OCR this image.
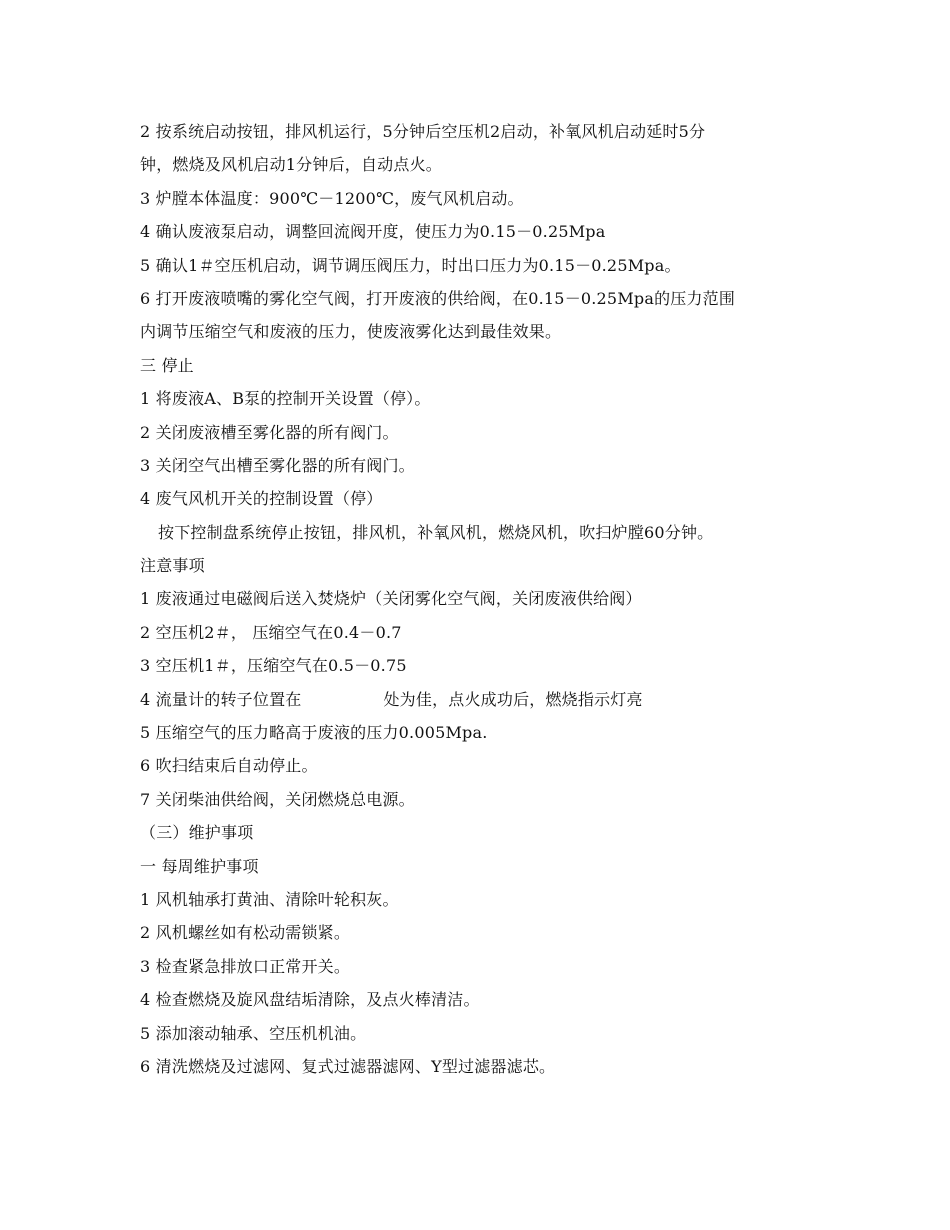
2 按系统启动按钮，排风机运行，5分钟后空压机2启动，补氧风机启动延时5分
钟，燃烧及风机启动1分钟后，自动点火。
3 炉膛本体温度：900℃－1200℃，废气风机启动。
4 确认废液泵启动，调整回流阀开度，使压力为0.15－0.25Mpa
5 确认1＃空压机启动，调节调压阀压力，时出口压力为0.15－0.25Mpa。
6 打开废液喷嘴的雾化空气阀，打开废液的供给阀，在0.15－0.25Mpa的压力范围
内调节压缩空气和废液的压力，使废液雾化达到最佳效果。
三 停止
1 将废液A、B泵的控制开关设置（停）。
2 关闭废液槽至雾化器的所有阀门。
3 关闭空气出槽至雾化器的所有阀门。
4 废气风机开关的控制设置（停）
按下控制盘系统停止按钮，排风机，补氧风机，燃烧风机，吹扫炉膛60分钟。
注意事项
1 废液通过电磁阀后送入焚烧炉（关闭雾化空气阀，关闭废液供给阀）
2 空压机2＃， 压缩空气在0.4－0.7
3 空压机1＃，压缩空气在0.5－0.75
4 流量计的转子位置在	处为佳，点火成功后，燃烧指示灯亮
5 压缩空气的压力略高于废液的压力0.005Mpa.
6 吹扫结束后自动停止。
7 关闭柴油供给阀，关闭燃烧总电源。
（三）维护事项
一 每周维护事项
1 风机轴承打黄油、清除叶轮积灰。
2 风机螺丝如有松动需锁紧。
3 检查紧急排放口正常开关。
4 检查燃烧及旋风盘结垢清除，及点火棒清洁。
5 添加滚动轴承、空压机机油。
6 清洗燃烧及过滤网、复式过滤器滤网、Y型过滤器滤芯。
